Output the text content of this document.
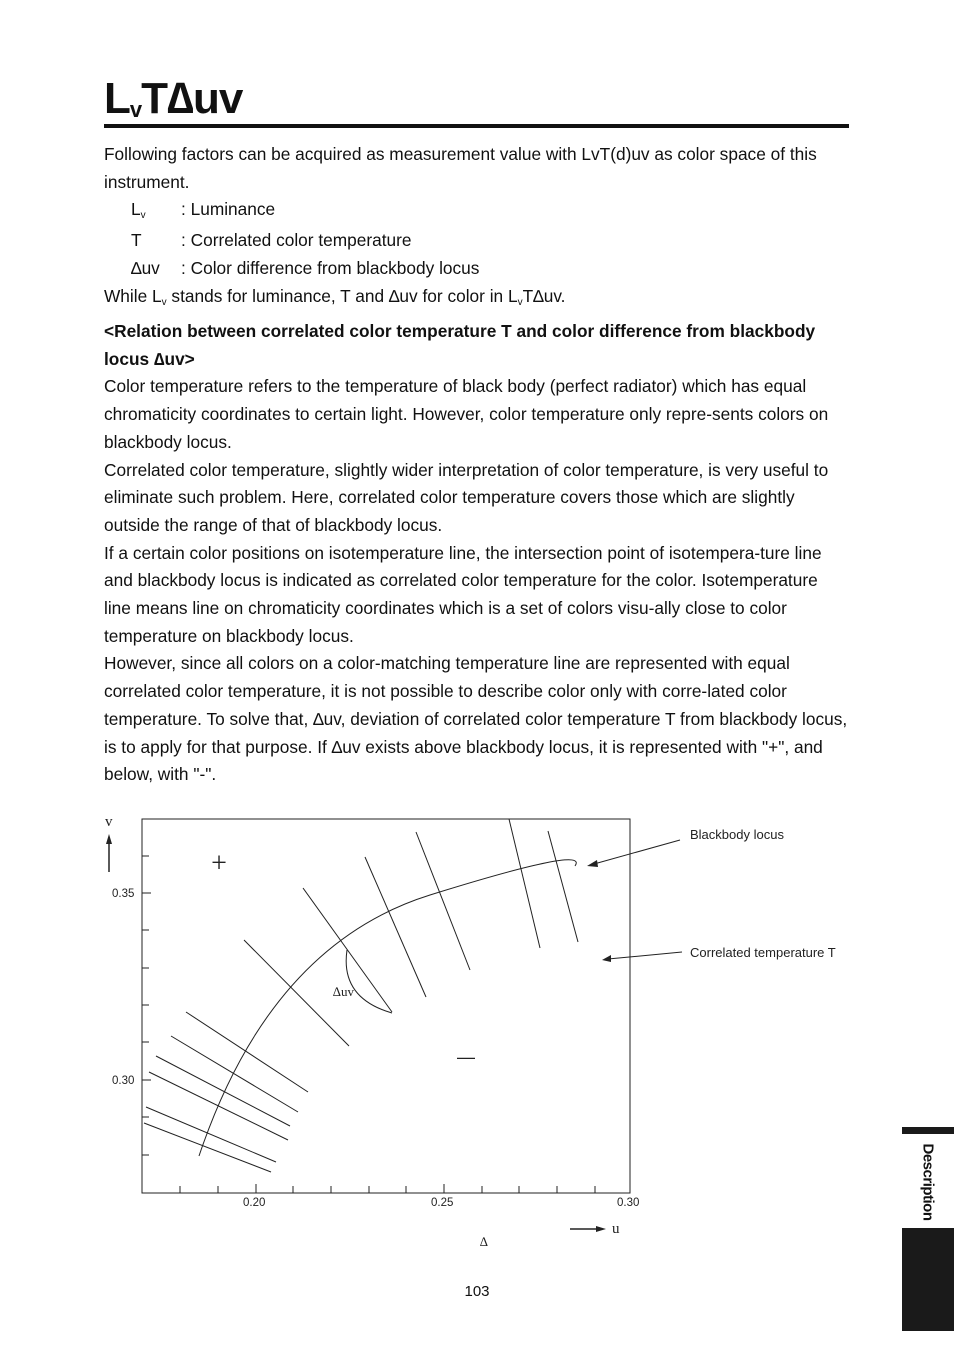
$L_vT\Delta uv$

Following factors can be acquired as measurement value with LvT(d)uv as color space of this instrument.

$L_v$	: Luminance
T	: Correlated color temperature
∆uv	: Color difference from blackbody locus

While $L_v$ stands for luminance, T and ∆uv for color in $L_vT\Delta uv$.

<Relation between correlated color temperature T and color difference from blackbody locus ∆uv>

Color temperature refers to the temperature of black body (perfect radiator) which has equal chromaticity coordinates to certain light. However, color temperature only repre-sents colors on blackbody locus.

Correlated color temperature, slightly wider interpretation of color temperature, is very useful to eliminate such problem. Here, correlated color temperature covers those which are slightly outside the range of that of blackbody locus.

If a certain color positions on isotemperature line, the intersection point of isotempera-ture line and blackbody locus is indicated as correlated color temperature for the color. Isotemperature line means line on chromaticity coordinates which is a set of colors visu-ally close to color temperature on blackbody locus.

However, since all colors on a color-matching temperature line are represented with equal correlated color temperature, it is not possible to describe color only with corre-lated color temperature. To solve that, ∆uv, deviation of correlated color temperature T from blackbody locus, is to apply for that purpose. If ∆uv exists above blackbody locus, it is represented with "+", and below, with "-".

0.35
0.30
0.20	0.25	0.30
v
u
∆
∆uv
+
—
Blackbody locus
Correlated temperature T
103
Description
